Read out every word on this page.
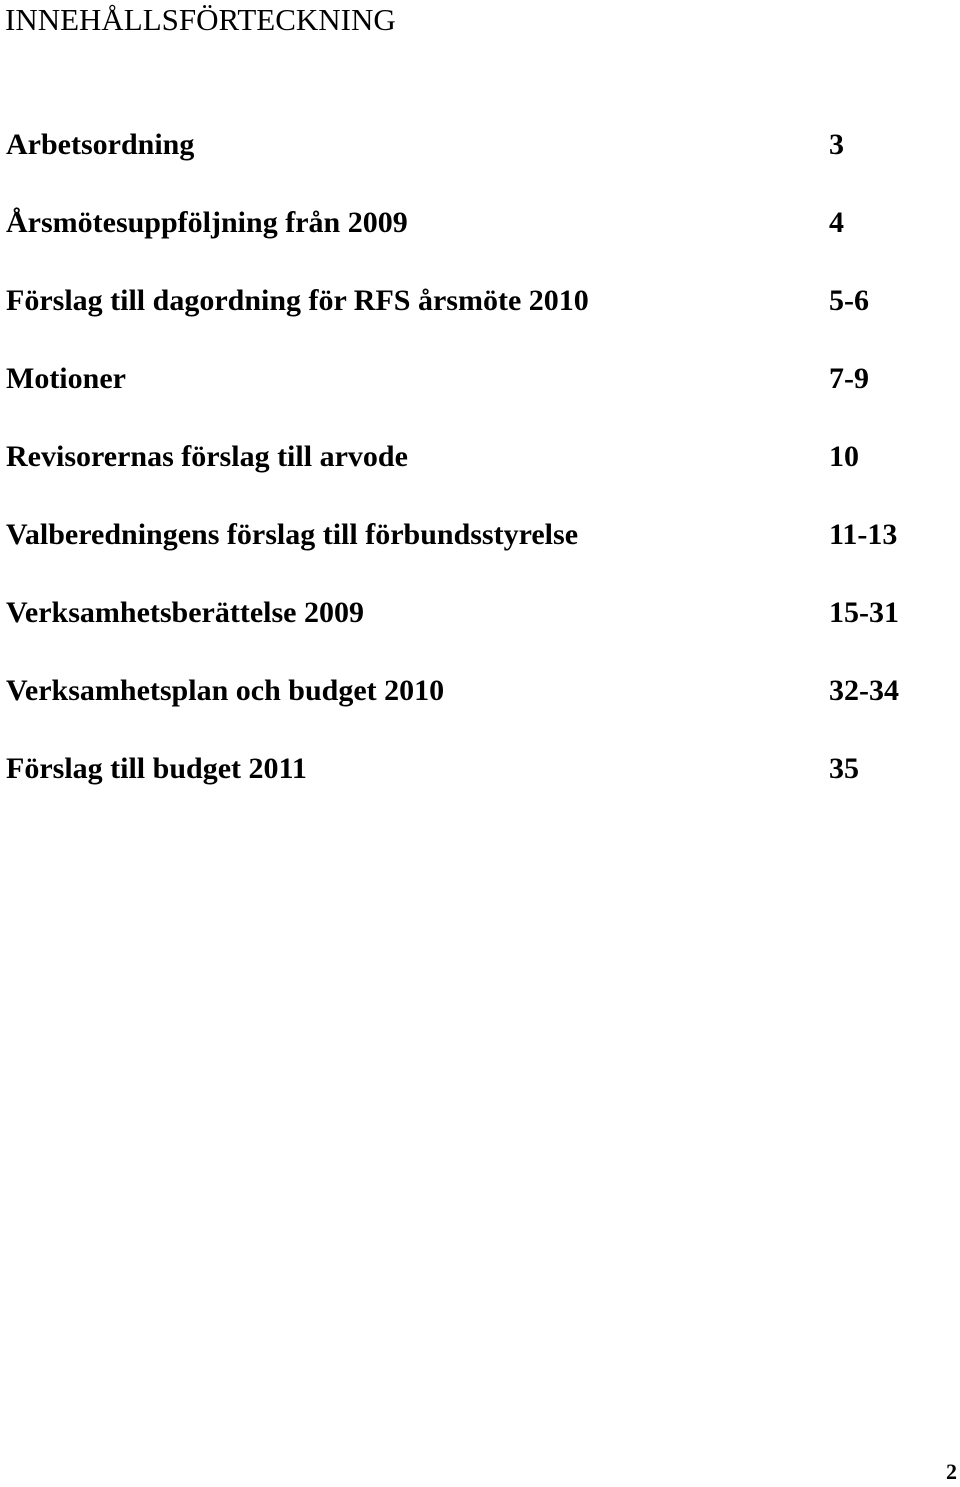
INNEHÅLLSFÖRTECKNING
Arbetsordning	3
Årsmötesuppföljning från 2009	4
Förslag till dagordning för RFS årsmöte 2010	5-6
Motioner	7-9
Revisorernas förslag till arvode	10
Valberedningens förslag till förbundsstyrelse	11-13
Verksamhetsberättelse 2009	15-31
Verksamhetsplan och budget 2010	32-34
Förslag till budget 2011	35
2
